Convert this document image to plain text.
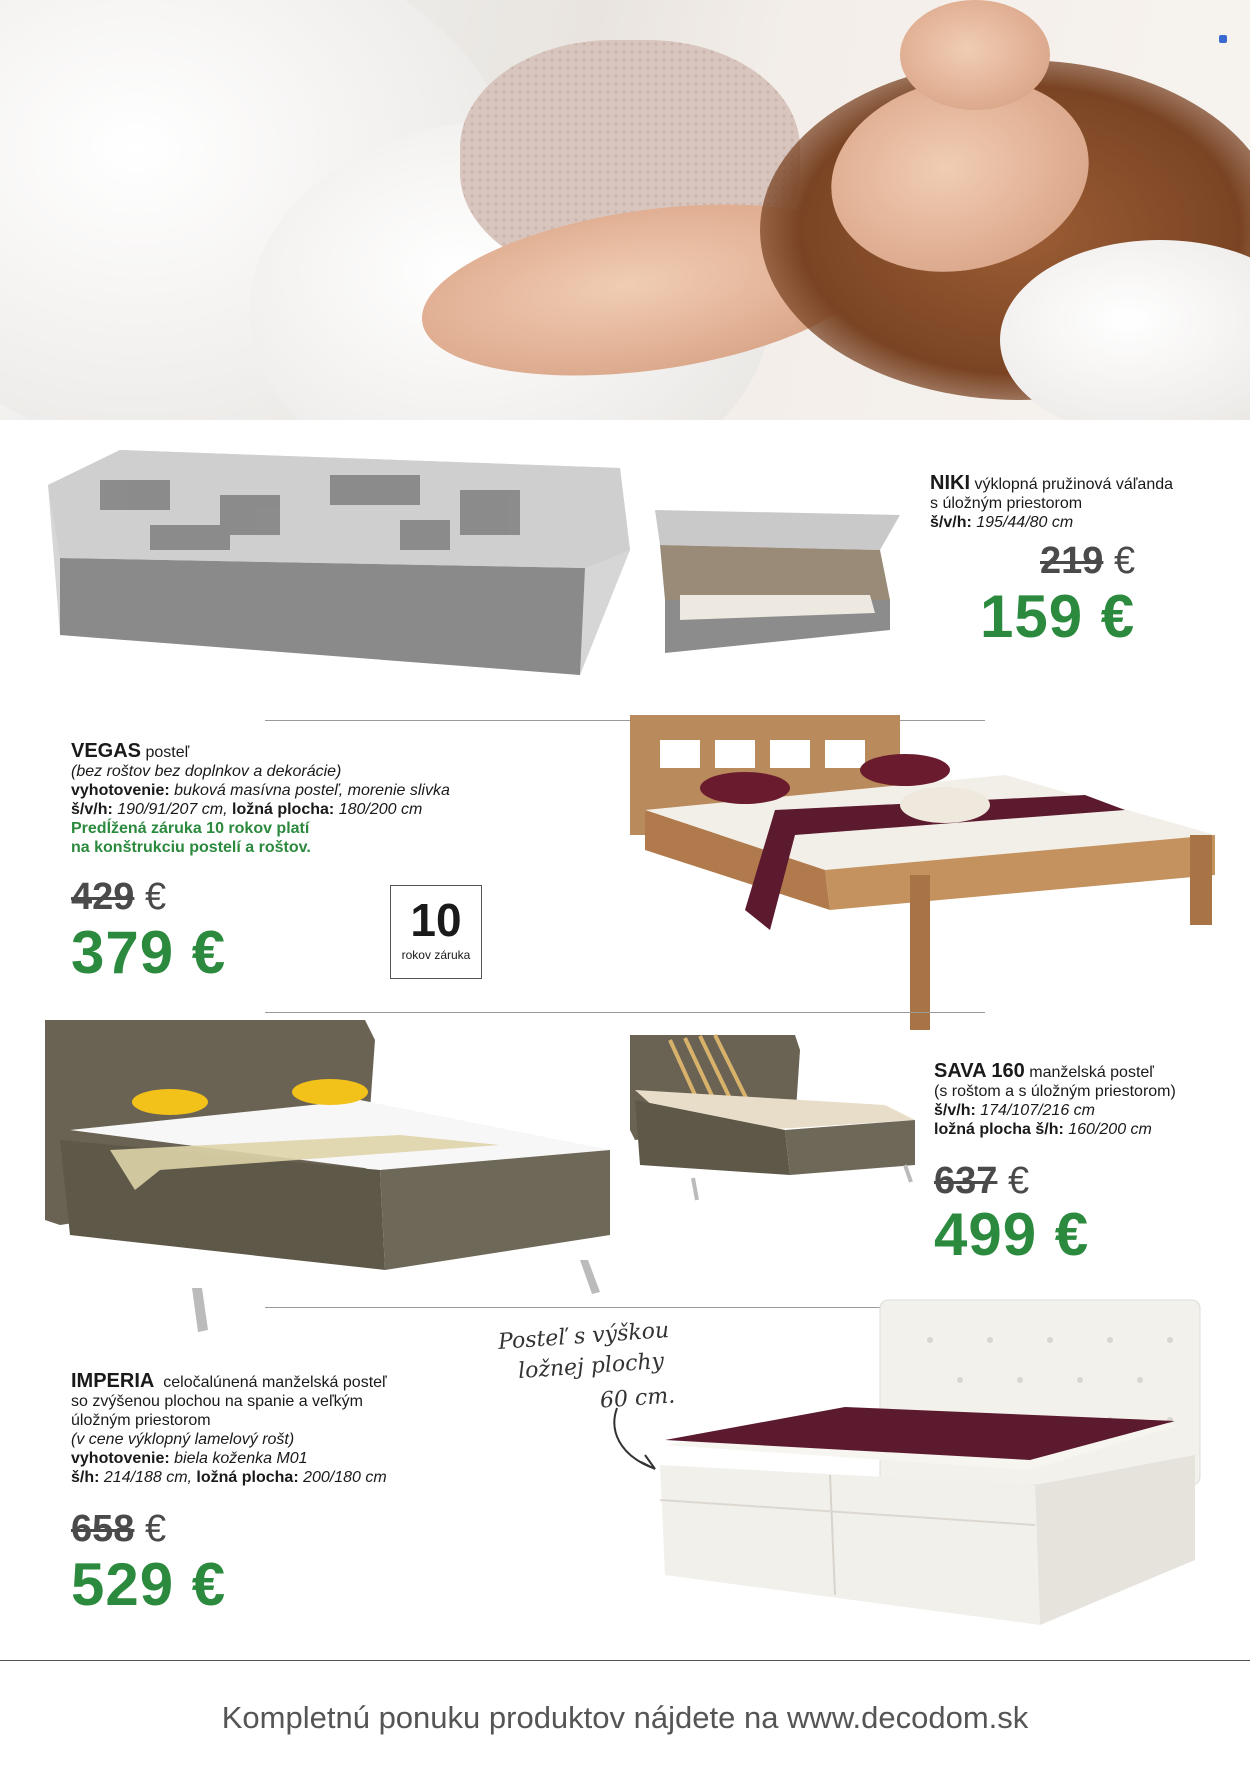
NIKI výklopná pružinová váľanda
s úložným priestorom
š/v/h: 195/44/80 cm
219 €
159 €
VEGAS posteľ
(bez roštov bez doplnkov a dekorácie)
vyhotovenie: buková masívna posteľ, morenie slivka
š/v/h: 190/91/207 cm, ložná plocha: 180/200 cm
Predĺžená záruka 10 rokov platí
na konštrukciu postelí a roštov.
429 €
379 €	10
rokov záruka
SAVA 160 manželská posteľ
(s roštom a s úložným priestorom)
š/v/h: 174/107/216 cm
ložná plocha š/h: 160/200 cm
637 €
499 €
IMPERIA celočalúnená manželská posteľ
so zvýšenou plochou na spanie a veľkým
úložným priestorom
(v cene výklopný lamelový rošt)
vyhotovenie: biela koženka M01
š/h: 214/188 cm, ložná plocha: 200/180 cm
658 €
529 €
Posteľ s výškou
ložnej plochy
60 cm.
Kompletnú ponuku produktov nájdete na www.decodom.sk
